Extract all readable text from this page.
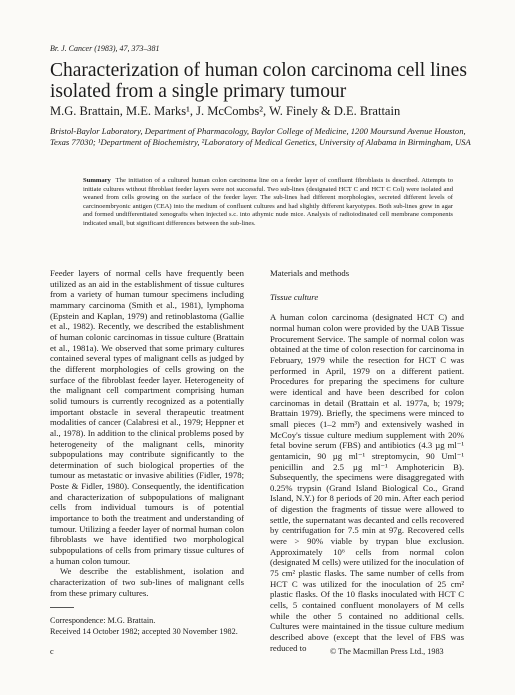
Br. J. Cancer (1983), 47, 373–381
Characterization of human colon carcinoma cell lines isolated from a single primary tumour
M.G. Brattain, M.E. Marks¹, J. McCombs², W. Finely & D.E. Brattain
Bristol-Baylor Laboratory, Department of Pharmacology, Baylor College of Medicine, 1200 Moursund Avenue Houston, Texas 77030; ¹Department of Biochemistry, ²Laboratory of Medical Genetics, University of Alabama in Birmingham, USA

Summary The initiation of a cultured human colon carcinoma line on a feeder layer of confluent fibroblasts is described. Attempts to initiate cultures without fibroblast feeder layers were not successful. Two sub-lines (designated HCT C and HCT C Col) were isolated and weaned from cells growing on the surface of the feeder layer. The sub-lines had different morphologies, secreted different levels of carcinoembryonic antigen (CEA) into the medium of confluent cultures and had slightly different karyotypes. Both sub-lines grew in agar and formed undifferentiated xenografts when injected s.c. into athymic nude mice. Analysis of radioiodinated cell membrane components indicated small, but significant differences between the sub-lines.

Feeder layers of normal cells have frequently been utilized as an aid in the establishment of tissue cultures from a variety of human tumour specimens including mammary carcinoma (Smith et al., 1981), lymphoma (Epstein and Kaplan, 1979) and retinoblastoma (Gallie et al., 1982). Recently, we described the establishment of human colonic carcinomas in tissue culture (Brattain et al., 1981a). We observed that some primary cultures contained several types of malignant cells as judged by the different morphologies of cells growing on the surface of the fibroblast feeder layer. Heterogeneity of the malignant cell compartment comprising human solid tumours is currently recognized as a potentially important obstacle in several therapeutic treatment modalities of cancer (Calabresi et al., 1979; Heppner et al., 1978). In addition to the clinical problems posed by heterogeneity of the malignant cells, minority subpopulations may contribute significantly to the determination of such biological properties of the tumour as metastatic or invasive abilities (Fidler, 1978; Poste & Fidler, 1980). Consequently, the identification and characterization of subpopulations of malignant cells from individual tumours is of potential importance to both the treatment and understanding of tumour. Utilizing a feeder layer of normal human colon fibroblasts we have identified two morphological subpopulations of cells from primary tissue cultures of a human colon tumour.

We describe the establishment, isolation and characterization of two sub-lines of malignant cells from these primary cultures.

Correspondence: M.G. Brattain.

Received 14 October 1982; accepted 30 November 1982.

Materials and methods
Tissue culture

A human colon carcinoma (designated HCT C) and normal human colon were provided by the UAB Tissue Procurement Service. The sample of normal colon was obtained at the time of colon resection for carcinoma in February, 1979 while the resection for HCT C was performed in April, 1979 on a different patient. Procedures for preparing the specimens for culture were identical and have been described for colon carcinomas in detail (Brattain et al. 1977a, b; 1979; Brattain 1979). Briefly, the specimens were minced to small pieces (1–2 mm³) and extensively washed in McCoy's tissue culture medium supplement with 20% fetal bovine serum (FBS) and antibiotics (4.3 µg ml⁻¹ gentamicin, 90 µg ml⁻¹ streptomycin, 90 Uml⁻¹ penicillin and 2.5 µg ml⁻¹ Amphotericin B). Subsequently, the specimens were disaggregated with 0.25% trypsin (Grand Island Biological Co., Grand Island, N.Y.) for 8 periods of 20 min. After each period of digestion the fragments of tissue were allowed to settle, the supernatant was decanted and cells recovered by centrifugation for 7.5 min at 97g. Recovered cells were > 90% viable by trypan blue exclusion. Approximately 10⁶ cells from normal colon (designated M cells) were utilized for the inoculation of 75 cm² plastic flasks. The same number of cells from HCT C was utilized for the inoculation of 25 cm² plastic flasks. Of the 10 flasks inoculated with HCT C cells, 5 contained confluent monolayers of M cells while the other 5 contained no additional cells. Cultures were maintained in the tissue culture medium described above (except that the level of FBS was reduced to

c	© The Macmillan Press Ltd., 1983
